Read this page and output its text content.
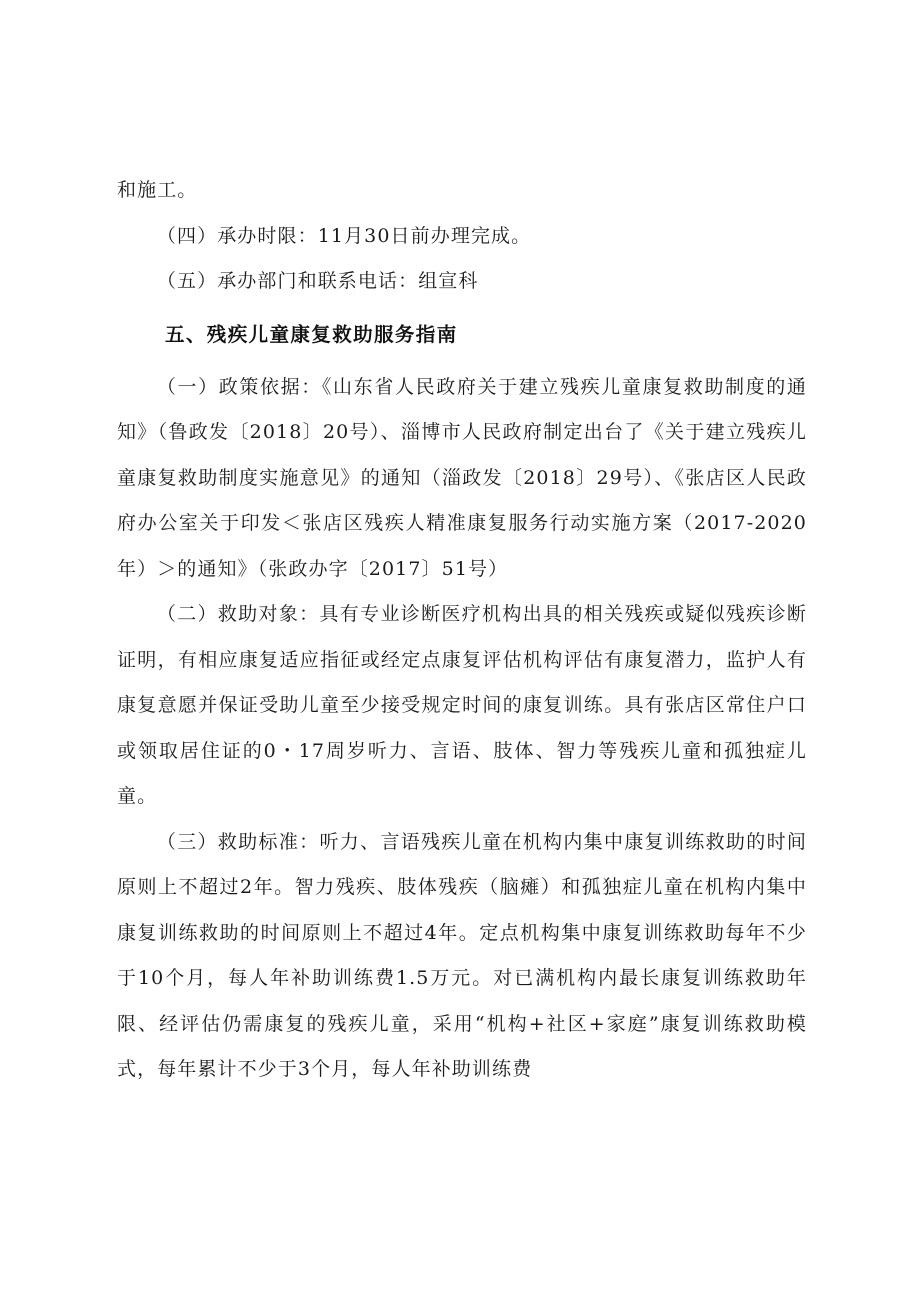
和施工。

（四）承办时限：11月30日前办理完成。

（五）承办部门和联系电话：组宣科

五、残疾儿童康复救助服务指南

（一）政策依据：《山东省人民政府关于建立残疾儿童康复救助制度的通知》（鲁政发〔2018〕20号）、淄博市人民政府制定出台了《关于建立残疾儿童康复救助制度实施意见》的通知（淄政发〔2018〕29号）、《张店区人民政府办公室关于印发＜张店区残疾人精准康复服务行动实施方案（2017-2020年）＞的通知》（张政办字〔2017〕51号）

（二）救助对象：具有专业诊断医疗机构出具的相关残疾或疑似残疾诊断证明，有相应康复适应指征或经定点康复评估机构评估有康复潜力，监护人有康复意愿并保证受助儿童至少接受规定时间的康复训练。具有张店区常住户口或领取居住证的0・17周岁听力、言语、肢体、智力等残疾儿童和孤独症儿童。

（三）救助标准：听力、言语残疾儿童在机构内集中康复训练救助的时间原则上不超过2年。智力残疾、肢体残疾（脑瘫）和孤独症儿童在机构内集中康复训练救助的时间原则上不超过4年。定点机构集中康复训练救助每年不少于10个月，每人年补助训练费1.5万元。对已满机构内最长康复训练救助年限、经评估仍需康复的残疾儿童，采用“机构+社区+家庭”康复训练救助模式，每年累计不少于3个月，每人年补助训练费
